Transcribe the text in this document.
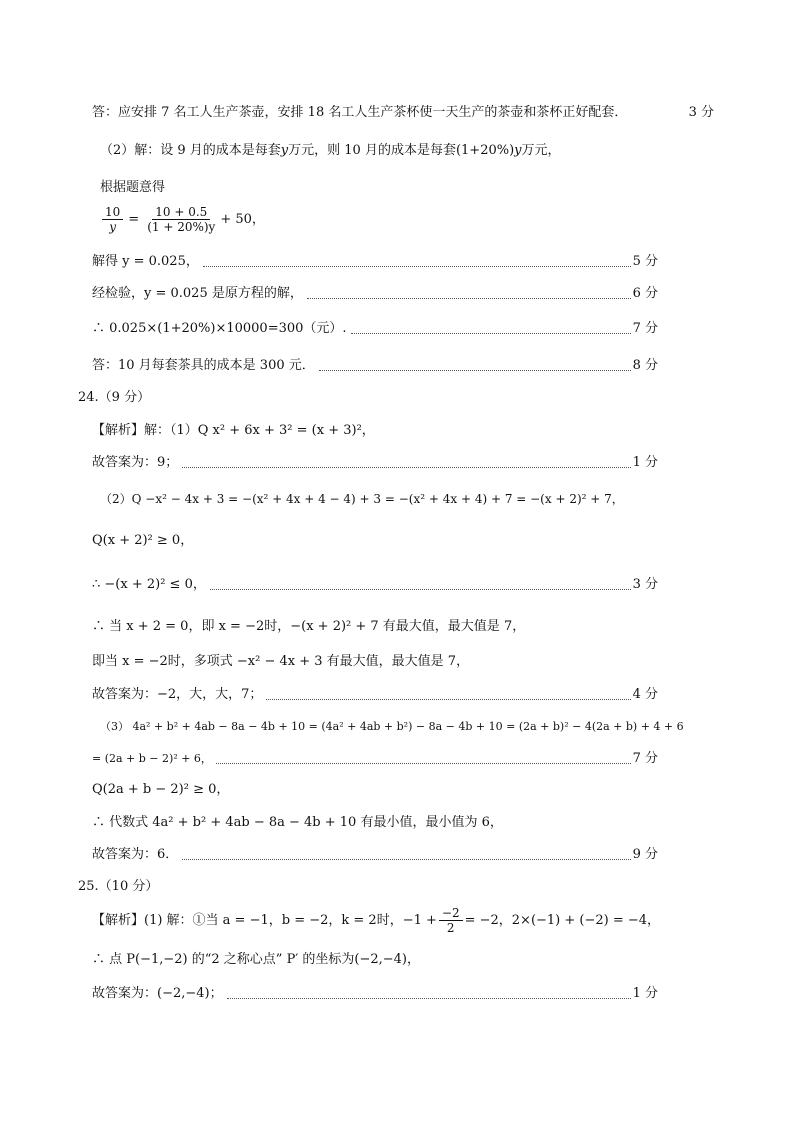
答：应安排 7 名工人生产茶壶，安排 18 名工人生产茶杯使一天生产的茶壶和茶杯正好配套．	3 分
（2）解：设 9 月的成本是每套𝑦万元，则 10 月的成本是每套(1+20%)𝑦万元，
根据题意得
$\frac{10}{y} = \frac{10 + 0.5}{(1 + 20\%)y} + 50$，
解得 y = 0.025，	5 分
经检验，y = 0.025 是原方程的解，	6 分
∴ 0.025×(1+20%)×10000=300（元）.	7 分
答：10 月每套茶具的成本是 300 元．	8 分
24.（9 分）
【解析】解：（1）Q x² + 6x + 3² = (x + 3)²，
故答案为：9；	1 分
（2）Q −x² − 4x + 3 = −(x² + 4x + 4 − 4) + 3 = −(x² + 4x + 4) + 7 = −(x + 2)² + 7，
Q(x + 2)² ≥ 0，
∴ −(x + 2)² ≤ 0，	3 分
∴ 当 x + 2 = 0，即 x = −2时，−(x + 2)² + 7 有最大值，最大值是 7，
即当 x = −2时，多项式 −x² − 4x + 3 有最大值，最大值是 7，
故答案为：−2，大，大，7；	4 分
（3） 4a² + b² + 4ab − 8a − 4b + 10 = (4a² + 4ab + b²) − 8a − 4b + 10 = (2a + b)² − 4(2a + b) + 4 + 6
= (2a + b − 2)² + 6，	7 分
Q(2a + b − 2)² ≥ 0，
∴ 代数式 4a² + b² + 4ab − 8a − 4b + 10 有最小值，最小值为 6，
故答案为：6．	9 分
25.（10 分）
【解析】(1) 解：①当 a = −1，b = −2，k = 2时，$-1 + \frac{-2}{2} = -2$，2×(−1) + (−2) = −4，
∴ 点 P(−1,−2) 的“2 之称心点” P′ 的坐标为(−2,−4)，
故答案为：(−2,−4)；	1 分
